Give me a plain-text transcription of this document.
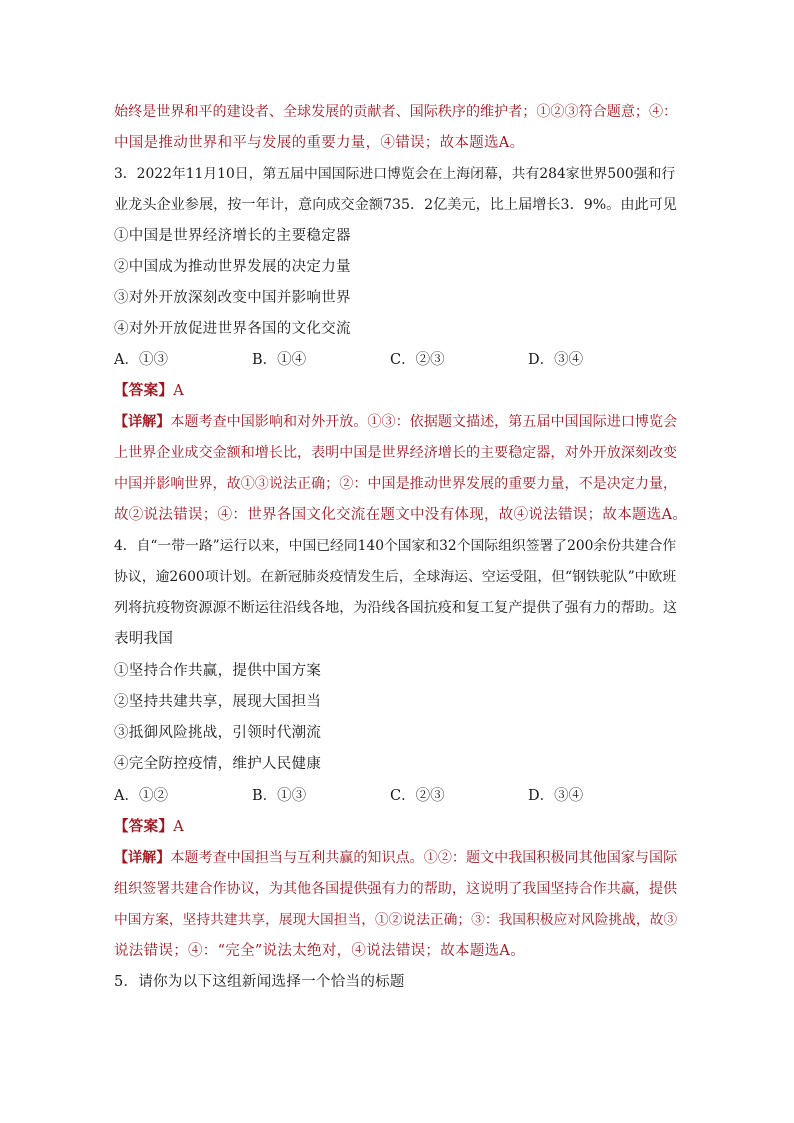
始终是世界和平的建设者、全球发展的贡献者、国际秩序的维护者；①②③符合题意；④：
中国是推动世界和平与发展的重要力量，④错误；故本题选A。
3．2022年11月10日，第五届中国国际进口博览会在上海闭幕，共有284家世界500强和行
业龙头企业参展，按一年计，意向成交金额735．2亿美元，比上届增长3．9%。由此可见
①中国是世界经济增长的主要稳定器
②中国成为推动世界发展的决定力量
③对外开放深刻改变中国并影响世界
④对外开放促进世界各国的文化交流
A．①③	B．①④	C．②③	D．③④
【答案】A
【详解】本题考查中国影响和对外开放。①③：依据题文描述，第五届中国国际进口博览会
上世界企业成交金额和增长比，表明中国是世界经济增长的主要稳定器，对外开放深刻改变
中国并影响世界，故①③说法正确；②：中国是推动世界发展的重要力量，不是决定力量，
故②说法错误；④：世界各国文化交流在题文中没有体现，故④说法错误；故本题选A。
4．自“一带一路”运行以来，中国已经同140个国家和32个国际组织签署了200余份共建合作
协议，逾2600项计划。在新冠肺炎疫情发生后，全球海运、空运受阻，但“钢铁驼队”中欧班
列将抗疫物资源源不断运往沿线各地，为沿线各国抗疫和复工复产提供了强有力的帮助。这
表明我国
①坚持合作共赢，提供中国方案
②坚持共建共享，展现大国担当
③抵御风险挑战，引领时代潮流
④完全防控疫情，维护人民健康
A．①②	B．①③	C．②③	D．③④
【答案】A
【详解】本题考查中国担当与互利共赢的知识点。①②：题文中我国积极同其他国家与国际
组织签署共建合作协议，为其他各国提供强有力的帮助，这说明了我国坚持合作共赢，提供
中国方案，坚持共建共享，展现大国担当，①②说法正确；③：我国积极应对风险挑战，故③
说法错误；④：“完全”说法太绝对，④说法错误；故本题选A。
5．请你为以下这组新闻选择一个恰当的标题
